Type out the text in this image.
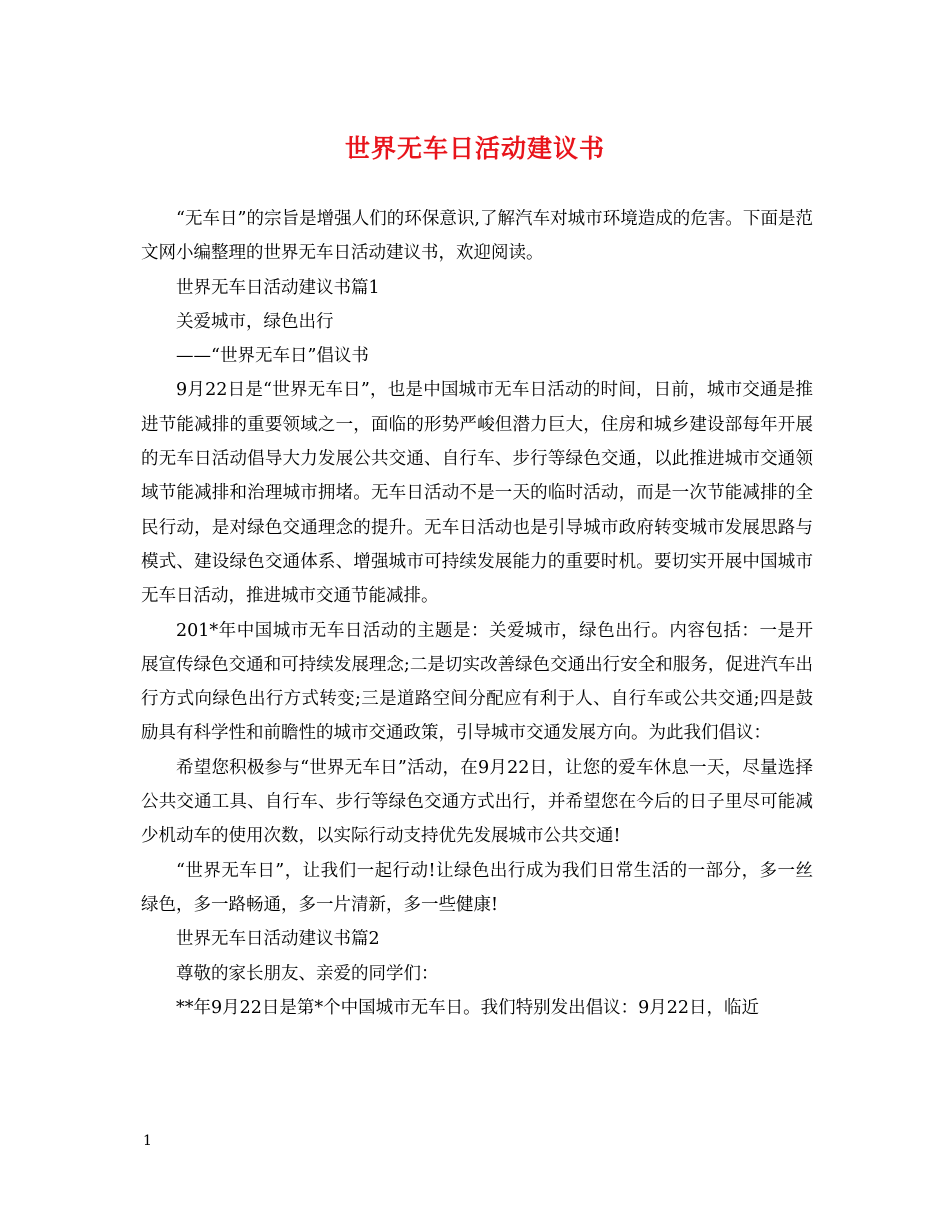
世界无车日活动建议书

“无车日”的宗旨是增强人们的环保意识,了解汽车对城市环境造成的危害。下面是范文网小编整理的世界无车日活动建议书，欢迎阅读。

世界无车日活动建议书篇1

关爱城市，绿色出行

——“世界无车日”倡议书

9月22日是“世界无车日”，也是中国城市无车日活动的时间，日前，城市交通是推进节能减排的重要领域之一，面临的形势严峻但潜力巨大，住房和城乡建设部每年开展的无车日活动倡导大力发展公共交通、自行车、步行等绿色交通，以此推进城市交通领域节能减排和治理城市拥堵。无车日活动不是一天的临时活动，而是一次节能减排的全民行动，是对绿色交通理念的提升。无车日活动也是引导城市政府转变城市发展思路与模式、建设绿色交通体系、增强城市可持续发展能力的重要时机。要切实开展中国城市无车日活动，推进城市交通节能减排。

201*年中国城市无车日活动的主题是：关爱城市，绿色出行。内容包括：一是开展宣传绿色交通和可持续发展理念;二是切实改善绿色交通出行安全和服务，促进汽车出行方式向绿色出行方式转变;三是道路空间分配应有利于人、自行车或公共交通;四是鼓励具有科学性和前瞻性的城市交通政策，引导城市交通发展方向。为此我们倡议：

希望您积极参与“世界无车日”活动，在9月22日，让您的爱车休息一天，尽量选择公共交通工具、自行车、步行等绿色交通方式出行，并希望您在今后的日子里尽可能减少机动车的使用次数，以实际行动支持优先发展城市公共交通!

“世界无车日”，让我们一起行动!让绿色出行成为我们日常生活的一部分，多一丝绿色，多一路畅通，多一片清新，多一些健康!

世界无车日活动建议书篇2

尊敬的家长朋友、亲爱的同学们：

**年9月22日是第*个中国城市无车日。我们特别发出倡议：9月22日，临近

1
